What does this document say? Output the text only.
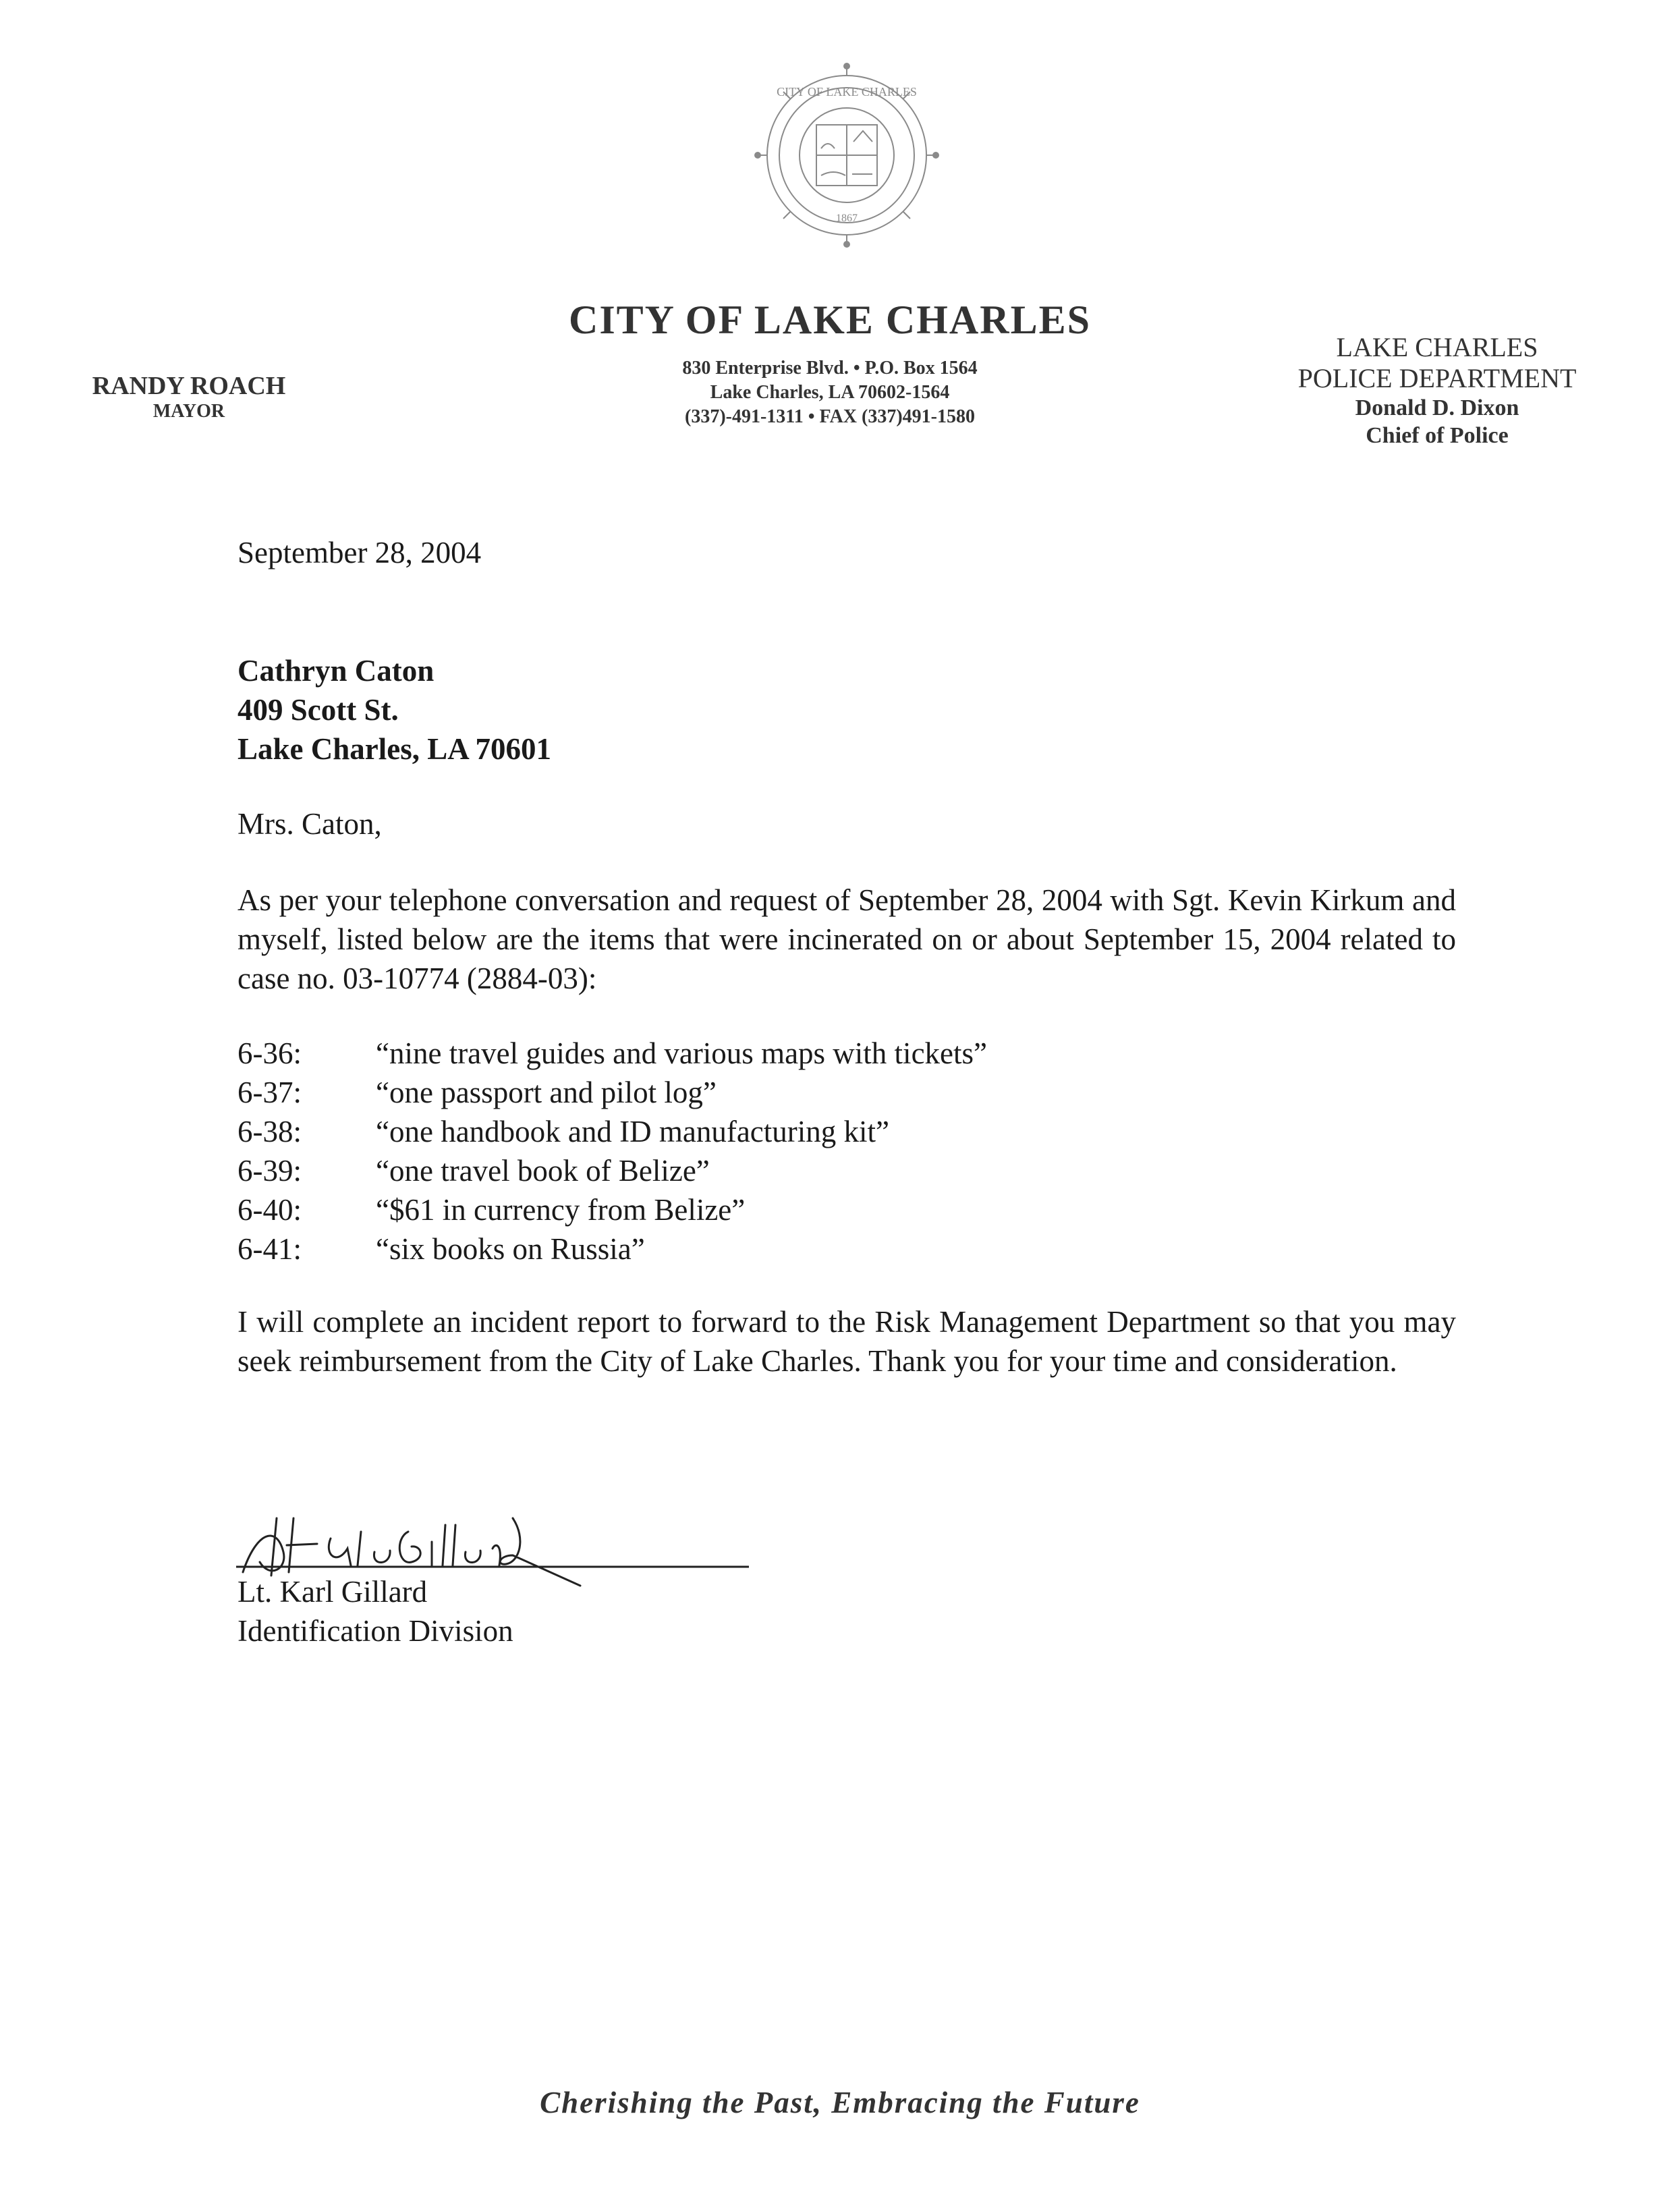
CITY OF LAKE CHARLES
1867
CITY OF LAKE CHARLES
830 Enterprise Blvd. • P.O. Box 1564
Lake Charles, LA 70602-1564
(337)-491-1311 • FAX (337)491-1580
RANDY ROACH
MAYOR
LAKE CHARLES
POLICE DEPARTMENT
Donald D. Dixon
Chief of Police
September 28, 2004
Cathryn Caton
409 Scott St.
Lake Charles, LA 70601
Mrs. Caton,
As per your telephone conversation and request of September 28, 2004 with Sgt. Kevin Kirkum and myself, listed below are the items that were incinerated on or about September 15, 2004 related to case no. 03-10774 (2884-03):
6-36:	“nine travel guides and various maps with tickets”
6-37:	“one passport and pilot log”
6-38:	“one handbook and ID manufacturing kit”
6-39:	“one travel book of Belize”
6-40:	“$61 in currency from Belize”
6-41:	“six books on Russia”
I will complete an incident report to forward to the Risk Management Department so that you may seek reimbursement from the City of Lake Charles. Thank you for your time and consideration.
Lt. Karl Gillard
Identification Division
Cherishing the Past, Embracing the Future
